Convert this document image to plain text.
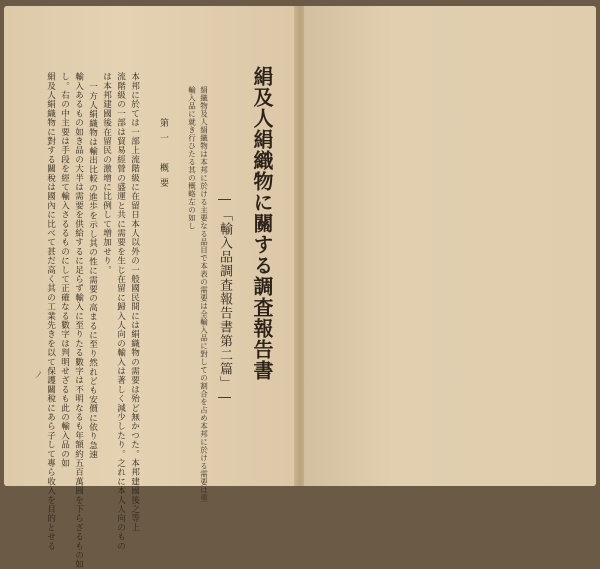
絹及人絹織物に關する調査報告書
―「輸入品調査報告書第二篇」―
絹織物及人絹織物は本邦に於ける主要なる品目で本表の需要は全輸入品に對しての割合を占め本邦に於ける需要は重
輸入品に就き行ひたる其の概略左の如し
第一　概要
本邦に於ては一部上流階級に在留日本人以外の一般國民間には絹織物の需要は殆ど無かつた。本邦建國後之等上
流階級の一部は貿易經營の盛運と共に需要を生じ在留に歸入人向の輸入は著しく減少したり。之れに本人人向のもの
は本邦建國後在留民の激增に比例して増加せり。
一方人絹織物は輸出比較の進歩を示し其の性に需要の高まるに至り然れども安價に依り急速
輸入あるもの如き品の大半は需要を供給するに足らず輸入に至りたる數字は不明なるも年額約五百萬圓を下らざるもの如
し。右の中主要は手段を經て輸入さるるものにして正確なる數字は判明せざるも此の輸入品の如
絹及人絹織物に對する關稅は國內に比べて甚だ高く其の工業先きを以て保護關稅にあら子して專ら收入を目的とせる
ノ
